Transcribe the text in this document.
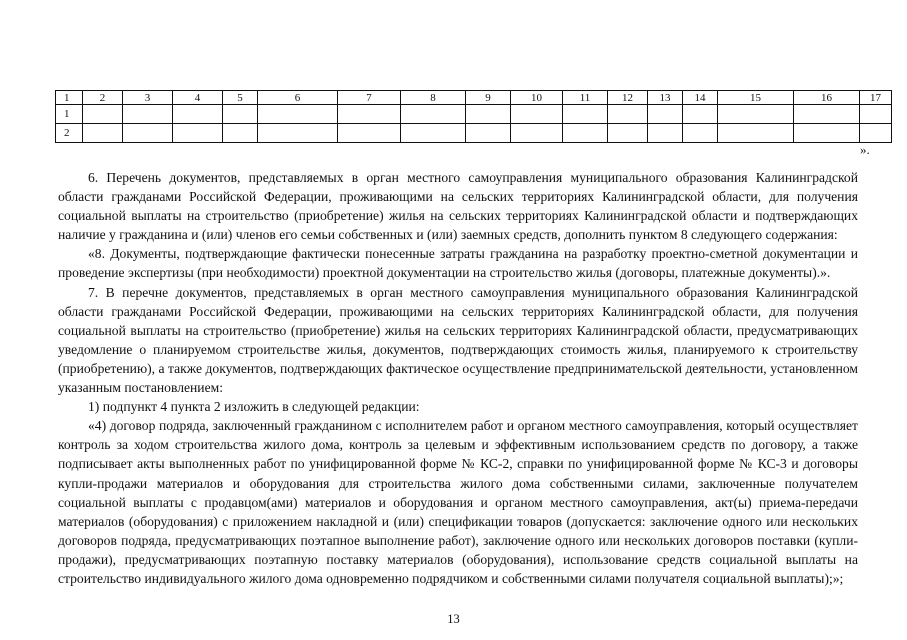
1	2	3	4	5	6	7	8	9	10	11	12	13	14	15	16	17
1																
2																
».

6. Перечень документов, представляемых в орган местного самоуправления муниципального образования Калининградской области гражданами Российской Федерации, проживающими на сельских территориях Калининградской области, для получения социальной выплаты на строительство (приобретение) жилья на сельских территориях Калининградской области и подтверждающих наличие у гражданина и (или) членов его семьи собственных и (или) заемных средств, дополнить пунктом 8 следующего содержания:

«8. Документы, подтверждающие фактически понесенные затраты гражданина на разработку проектно-сметной документации и проведение экспертизы (при необходимости) проектной документации на строительство жилья (договоры, платежные документы).».

7. В перечне документов, представляемых в орган местного самоуправления муниципального образования Калининградской области гражданами Российской Федерации, проживающими на сельских территориях Калининградской области, для получения социальной выплаты на строительство (приобретение) жилья на сельских территориях Калининградской области, предусматривающих уведомление о планируемом строительстве жилья, документов, подтверждающих стоимость жилья, планируемого к строительству (приобретению), а также документов, подтверждающих фактическое осуществление предпринимательской деятельности, установленном указанным постановлением:

1) подпункт 4 пункта 2 изложить в следующей редакции:

«4) договор подряда, заключенный гражданином с исполнителем работ и органом местного самоуправления, который осуществляет контроль за ходом строительства жилого дома, контроль за целевым и эффективным использованием средств по договору, а также подписывает акты выполненных работ по унифицированной форме № КС-2, справки по унифицированной форме № КС-3 и договоры купли-продажи материалов и оборудования для строительства жилого дома собственными силами, заключенные получателем социальной выплаты с продавцом(ами) материалов и оборудования и органом местного самоуправления, акт(ы) приема-передачи материалов (оборудования) с приложением накладной и (или) спецификации товаров (допускается: заключение одного или нескольких договоров подряда, предусматривающих поэтапное выполнение работ), заключение одного или нескольких договоров поставки (купли-продажи), предусматривающих поэтапную поставку материалов (оборудования), использование средств социальной выплаты на строительство индивидуального жилого дома одновременно подрядчиком и собственными силами получателя социальной выплаты);»;

13
